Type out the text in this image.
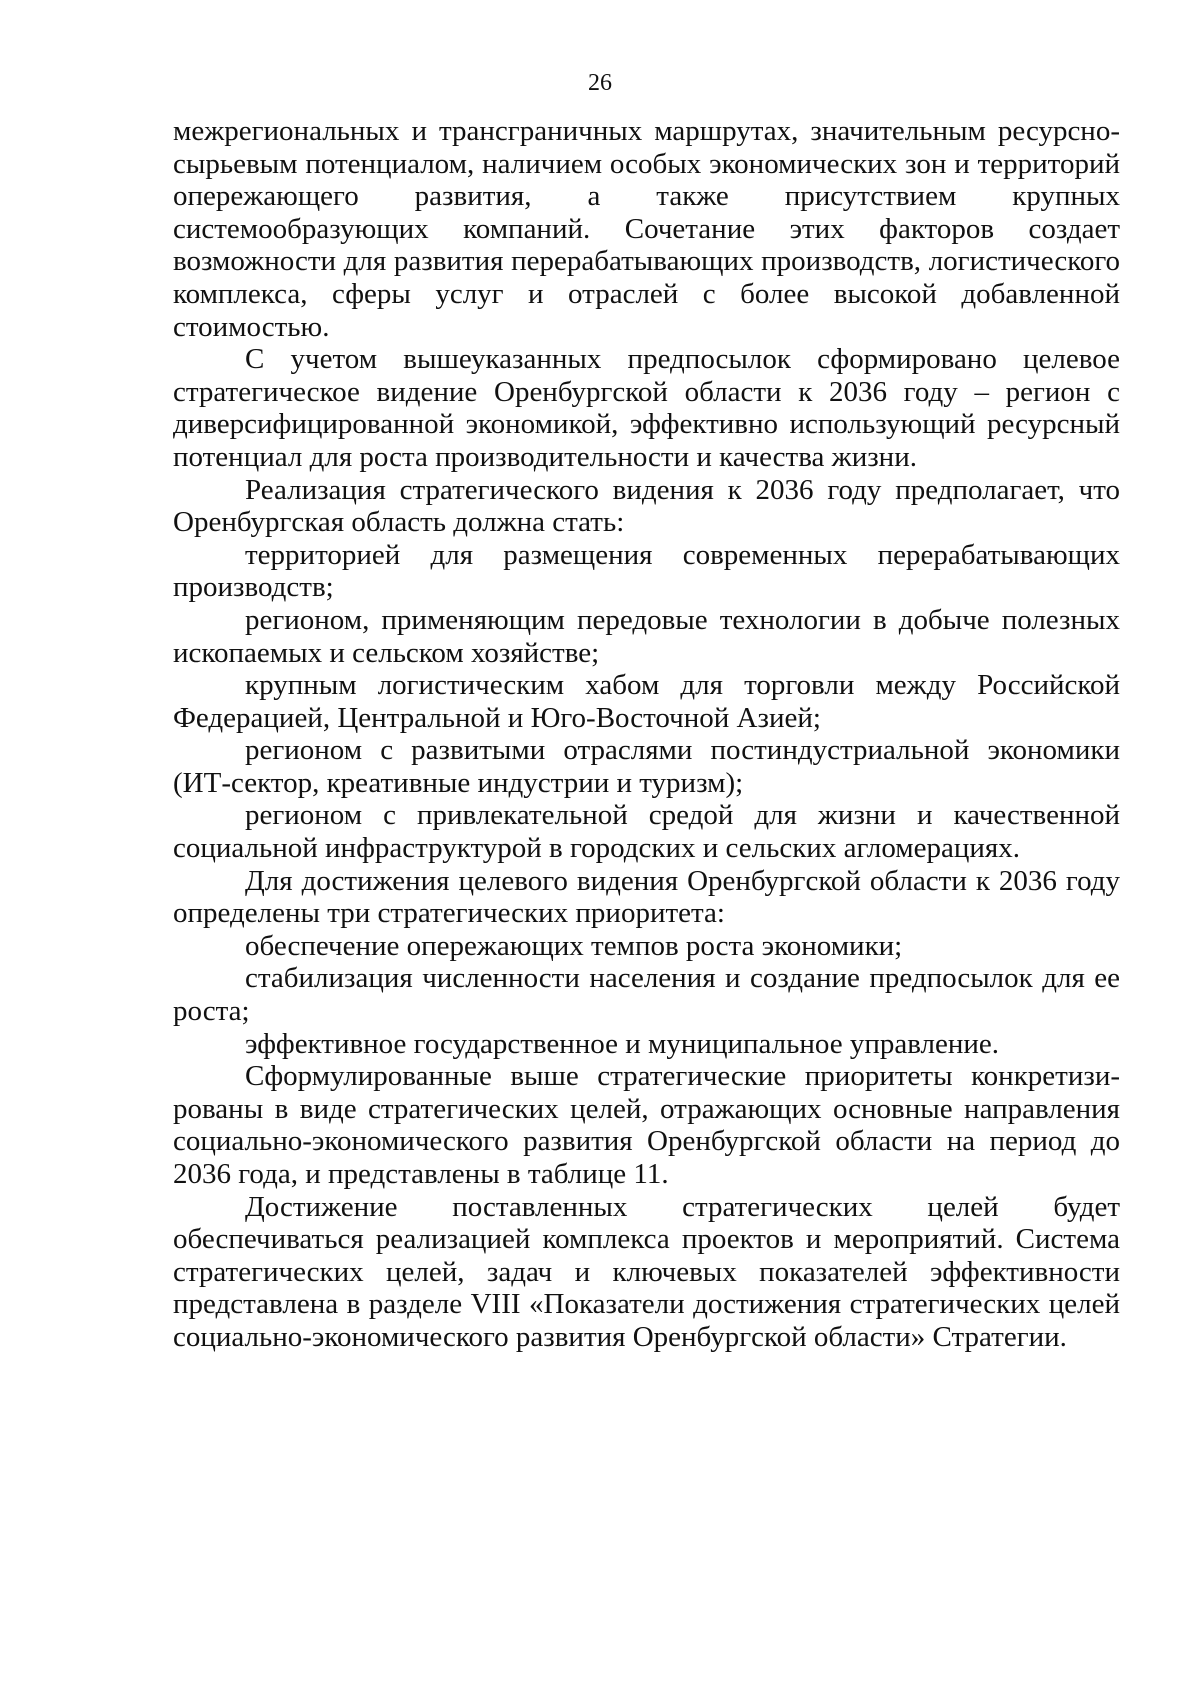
26

межрегиональных и трансграничных маршрутах, значительным ресурсно-сырьевым потенциалом, наличием особых экономических зон и территорий опережающего развития, а также присутствием крупных системообразующих компаний. Сочетание этих факторов создает возможности для развития перерабатывающих производств, логистического комплекса, сферы услуг и отраслей с более высокой добавленной стоимостью.

С учетом вышеуказанных предпосылок сформировано целевое стратегическое видение Оренбургской области к 2036 году – регион с диверсифицированной экономикой, эффективно использующий ресурсный потенциал для роста производительности и качества жизни.

Реализация стратегического видения к 2036 году предполагает, что Оренбургская область должна стать:

территорией для размещения современных перерабатывающих производств;

регионом, применяющим передовые технологии в добыче полезных ископаемых и сельском хозяйстве;

крупным логистическим хабом для торговли между Российской Федерацией, Центральной и Юго-Восточной Азией;

регионом с развитыми отраслями постиндустриальной экономики (ИТ-сектор, креативные индустрии и туризм);

регионом с привлекательной средой для жизни и качественной социальной инфраструктурой в городских и сельских агломерациях.

Для достижения целевого видения Оренбургской области к 2036 году определены три стратегических приоритета:

обеспечение опережающих темпов роста экономики;

стабилизация численности населения и создание предпосылок для ее роста;

эффективное государственное и муниципальное управление.

Сформулированные выше стратегические приоритеты конкретизи-рованы в виде стратегических целей, отражающих основные направления социально-экономического развития Оренбургской области на период до 2036 года, и представлены в таблице 11.

Достижение поставленных стратегических целей будет обеспечиваться реализацией комплекса проектов и мероприятий. Система стратегических целей, задач и ключевых показателей эффективности представлена в разделе VIII «Показатели достижения стратегических целей социально-экономического развития Оренбургской области» Стратегии.
